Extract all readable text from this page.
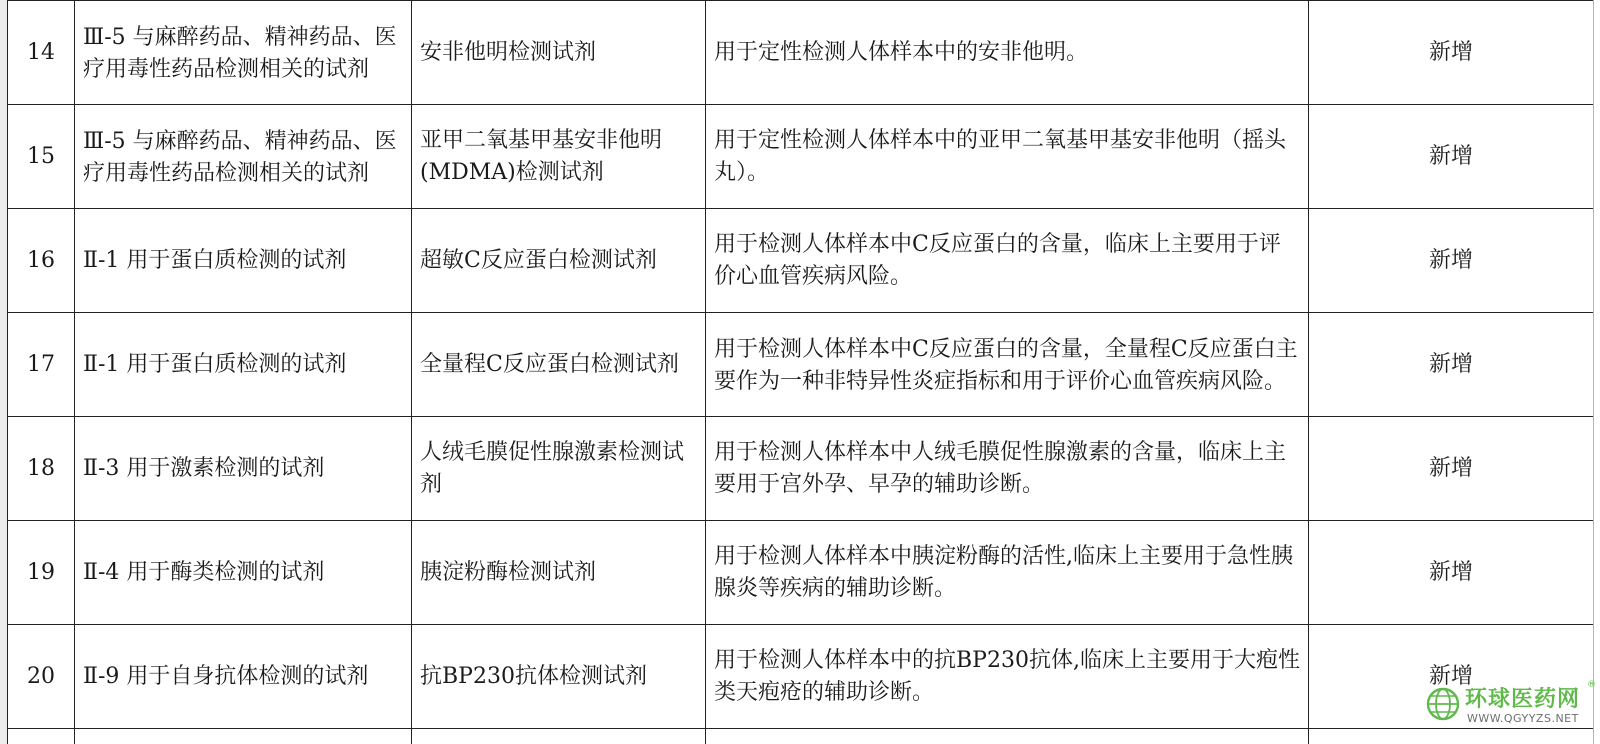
14	Ⅲ-5 与麻醉药品、精神药品、医疗用毒性药品检测相关的试剂	安非他明检测试剂	用于定性检测人体样本中的安非他明。	新增
15	Ⅲ-5 与麻醉药品、精神药品、医疗用毒性药品检测相关的试剂	亚甲二氧基甲基安非他明(MDMA)检测试剂	用于定性检测人体样本中的亚甲二氧基甲基安非他明（摇头丸）。	新增
16	Ⅱ-1 用于蛋白质检测的试剂	超敏C反应蛋白检测试剂	用于检测人体样本中C反应蛋白的含量，临床上主要用于评价心血管疾病风险。	新增
17	Ⅱ-1 用于蛋白质检测的试剂	全量程C反应蛋白检测试剂	用于检测人体样本中C反应蛋白的含量，全量程C反应蛋白主要作为一种非特异性炎症指标和用于评价心血管疾病风险。	新增
18	Ⅱ-3 用于激素检测的试剂	人绒毛膜促性腺激素检测试剂	用于检测人体样本中人绒毛膜促性腺激素的含量，临床上主要用于宫外孕、早孕的辅助诊断。	新增
19	Ⅱ-4 用于酶类检测的试剂	胰淀粉酶检测试剂	用于检测人体样本中胰淀粉酶的活性,临床上主要用于急性胰腺炎等疾病的辅助诊断。	新增
20	Ⅱ-9 用于自身抗体检测的试剂	抗BP230抗体检测试剂	用于检测人体样本中的抗BP230抗体,临床上主要用于大疱性类天疱疮的辅助诊断。	新增

环球医药网
®
WWW.QGYYZS.NET
